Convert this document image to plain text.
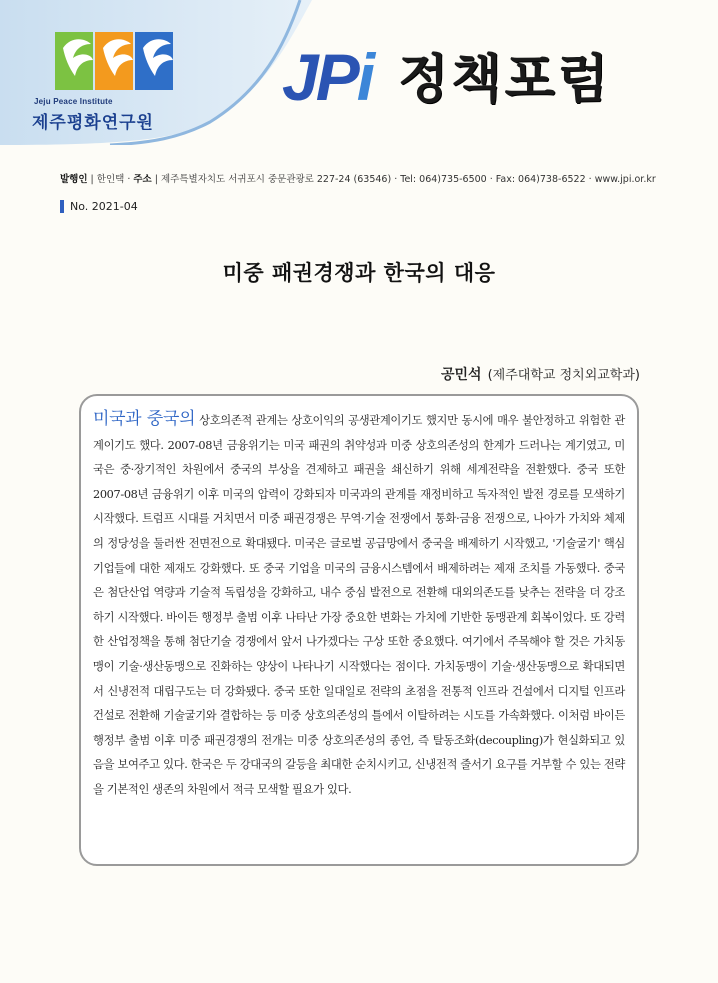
Jeju Peace Institute
제주평화연구원
JPi 정책포럼
발행인 | 한인택 · 주소 | 제주특별자치도 서귀포시 중문관광로 227-24 (63546) · Tel: 064)735-6500 · Fax: 064)738-6522 · www.jpi.or.kr
No. 2021-04
미중 패권경쟁과 한국의 대응
공민석 (제주대학교 정치외교학과)
미국과 중국의 상호의존적 관계는 상호이익의 공생관계이기도 했지만 동시에 매우 불안정하고 위험한 관계이기도 했다. 2007-08년 금융위기는 미국 패권의 취약성과 미중 상호의존성의 한계가 드러나는 계기였고, 미국은 중·장기적인 차원에서 중국의 부상을 견제하고 패권을 쇄신하기 위해 세계전략을 전환했다. 중국 또한 2007-08년 금융위기 이후 미국의 압력이 강화되자 미국과의 관계를 재정비하고 독자적인 발전 경로를 모색하기 시작했다. 트럼프 시대를 거치면서 미중 패권경쟁은 무역·기술 전쟁에서 통화·금융 전쟁으로, 나아가 가치와 체제의 정당성을 둘러싼 전면전으로 확대됐다. 미국은 글로벌 공급망에서 중국을 배제하기 시작했고, '기술굴기' 핵심기업들에 대한 제재도 강화했다. 또 중국 기업을 미국의 금융시스템에서 배제하려는 제재 조치를 가동했다. 중국은 첨단산업 역량과 기술적 독립성을 강화하고, 내수 중심 발전으로 전환해 대외의존도를 낮추는 전략을 더 강조하기 시작했다. 바이든 행정부 출범 이후 나타난 가장 중요한 변화는 가치에 기반한 동맹관계 회복이었다. 또 강력한 산업정책을 통해 첨단기술 경쟁에서 앞서 나가겠다는 구상 또한 중요했다. 여기에서 주목해야 할 것은 가치동맹이 기술·생산동맹으로 진화하는 양상이 나타나기 시작했다는 점이다. 가치동맹이 기술·생산동맹으로 확대되면서 신냉전적 대립구도는 더 강화됐다. 중국 또한 일대일로 전략의 초점을 전통적 인프라 건설에서 디지털 인프라 건설로 전환해 기술굴기와 결합하는 등 미중 상호의존성의 틀에서 이탈하려는 시도를 가속화했다. 이처럼 바이든 행정부 출범 이후 미중 패권경쟁의 전개는 미중 상호의존성의 종언, 즉 탈동조화(decoupling)가 현실화되고 있음을 보여주고 있다. 한국은 두 강대국의 갈등을 최대한 순치시키고, 신냉전적 줄서기 요구를 거부할 수 있는 전략을 기본적인 생존의 차원에서 적극 모색할 필요가 있다.
